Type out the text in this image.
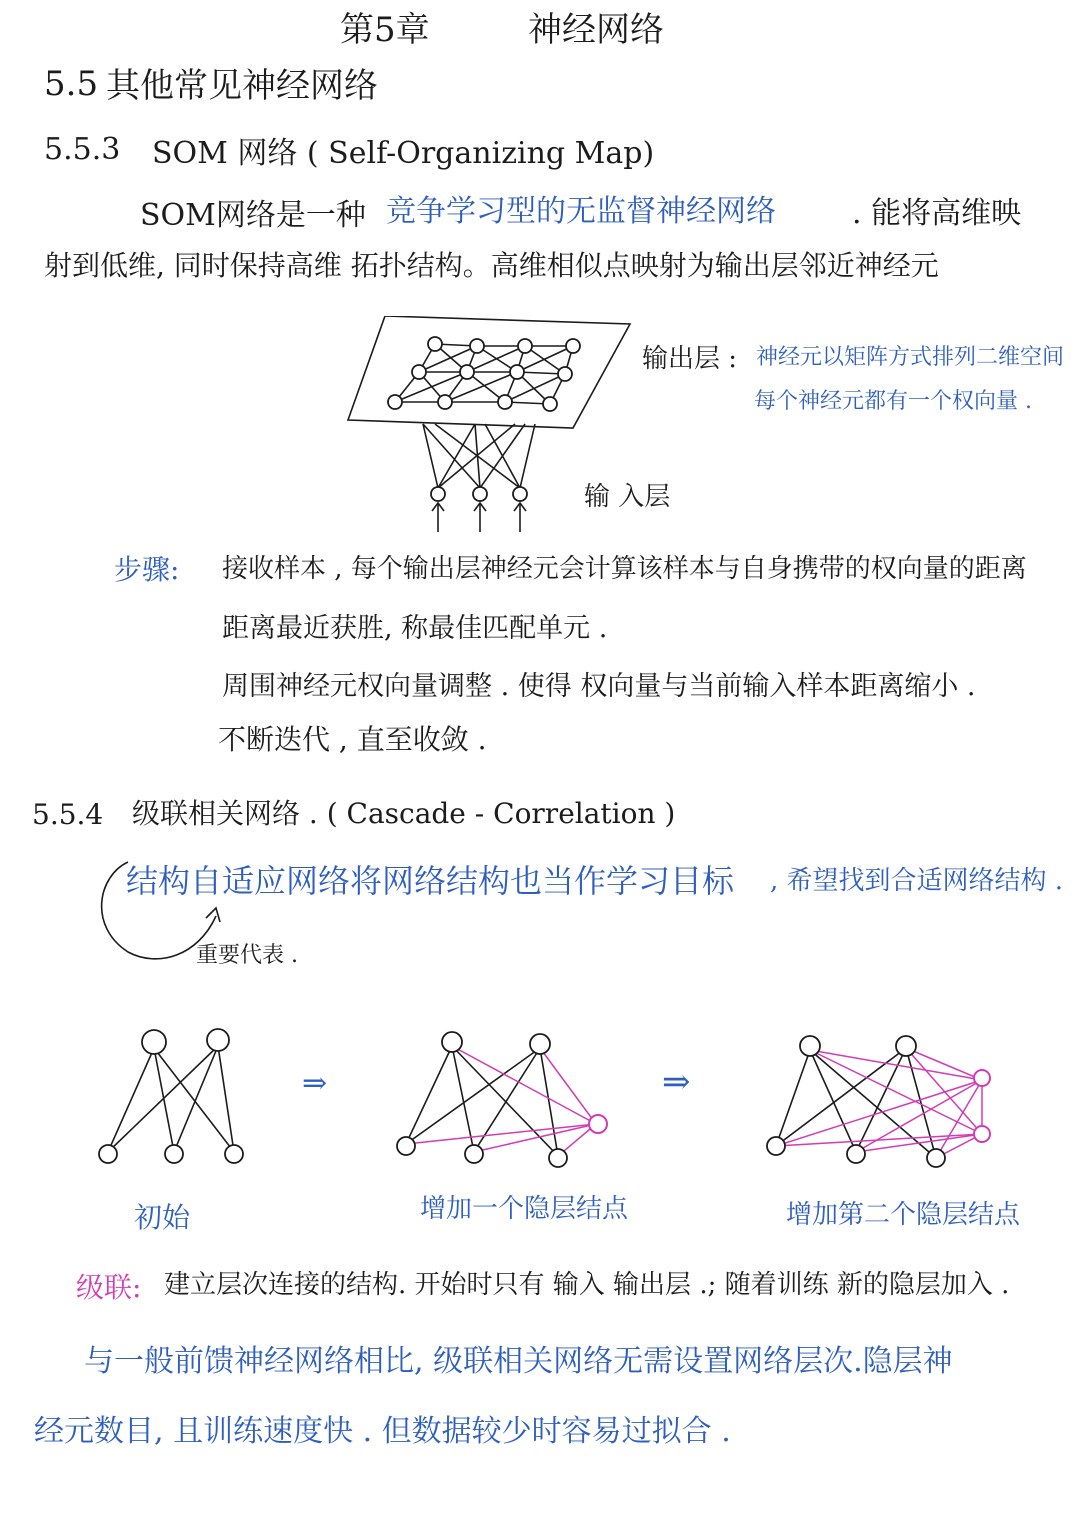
第5章	神经网络
5.5 其他常见神经网络
5.5.3 SOM 网络 ( Self-Organizing Map)
SOM网络是一种 竞争学习型的无监督神经网络	. 能将高维映
射到低维, 同时保持高维 拓扑结构。高维相似点映射为输出层邻近神经元
输出层 : 神经元以矩阵方式排列二维空间
每个神经元都有一个权向量 .
输 入层
步骤: 接收样本 , 每个输出层神经元会计算该样本与自身携带的权向量的距离
距离最近获胜, 称最佳匹配单元 .
周围神经元权向量调整 . 使得 权向量与当前输入样本距离缩小 .
不断迭代 , 直至收敛 .
5.5.4 级联相关网络 . ( Cascade - Correlation )
结构自适应网络将网络结构也当作学习目标 , 希望找到合适网络结构 .
重要代表 .
⇒	⇒
初始	增加一个隐层结点	增加第二个隐层结点
级联: 建立层次连接的结构. 开始时只有 输入 输出层 .; 随着训练 新的隐层加入 .
与一般前馈神经网络相比, 级联相关网络无需设置网络层次.隐层神
经元数目, 且训练速度快 . 但数据较少时容易过拟合 .
